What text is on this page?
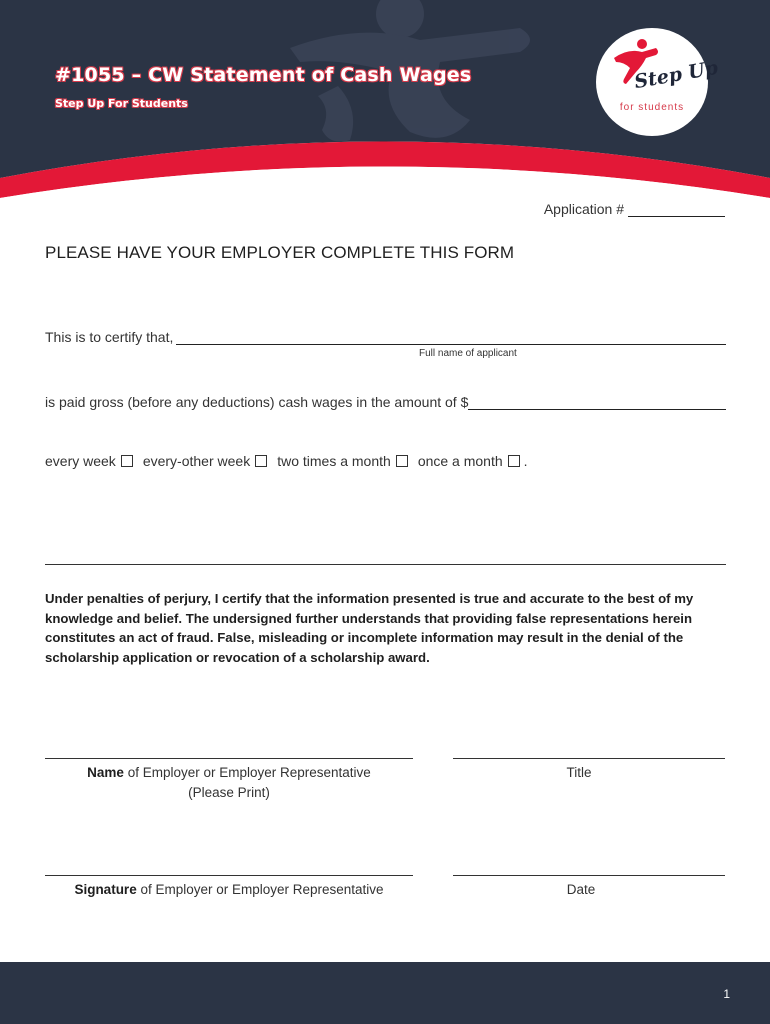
#1055 – CW Statement of Cash Wages
Step Up For Students
Step Up
for students
Application #
PLEASE HAVE YOUR EMPLOYER COMPLETE THIS FORM
This is to certify that,
Full name of applicant
is paid gross (before any deductions) cash wages in the amount of $
every week every-other week two times a month once a month .
Under penalties of perjury, I certify that the information presented is true and accurate to the best of my knowledge and belief. The undersigned further understands that providing false representations herein constitutes an act of fraud. False, misleading or incomplete information may result in the denial of the scholarship application or revocation of a scholarship award.
Name of Employer or Employer Representative
(Please Print)
Title
Signature of Employer or Employer Representative	Date
1
